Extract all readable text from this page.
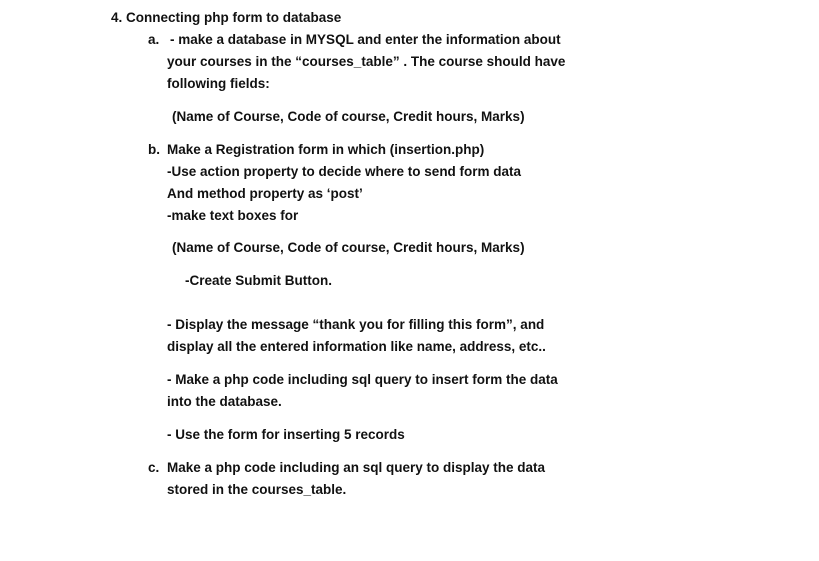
4. Connecting php form to database
a. - make a database in MYSQL and enter the information about
your courses in the “courses_table” . The course should have
following fields:
(Name of Course, Code of course, Credit hours, Marks)
b. Make a Registration form in which (insertion.php)
-Use action property to decide where to send form data
And method property as ‘post’
-make text boxes for
(Name of Course, Code of course, Credit hours, Marks)
-Create Submit Button.
- Display the message “thank you for filling this form”, and
display all the entered information like name, address, etc..
- Make a php code including sql query to insert form the data
into the database.
- Use the form for inserting 5 records
c. Make a php code including an sql query to display the data
stored in the courses_table.
